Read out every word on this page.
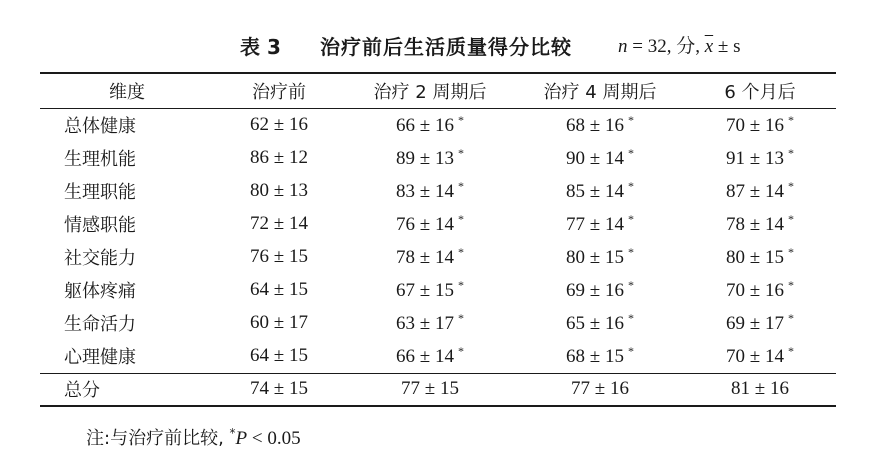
表 3 治疗前后生活质量得分比较 n = 32, 分, $\overline{x} \pm s$
维度	治疗前	治疗 2 周期后	治疗 4 周期后	6 个月后
总体健康	62 ± 16	66 ± 16 *	68 ± 16 *	70 ± 16 *
生理机能	86 ± 12	89 ± 13 *	90 ± 14 *	91 ± 13 *
生理职能	80 ± 13	83 ± 14 *	85 ± 14 *	87 ± 14 *
情感职能	72 ± 14	76 ± 14 *	77 ± 14 *	78 ± 14 *
社交能力	76 ± 15	78 ± 14 *	80 ± 15 *	80 ± 15 *
躯体疼痛	64 ± 15	67 ± 15 *	69 ± 16 *	70 ± 16 *
生命活力	60 ± 17	63 ± 17 *	65 ± 16 *	69 ± 17 *
心理健康	64 ± 15	66 ± 14 *	68 ± 15 *	70 ± 14 *
总分	74 ± 15	77 ± 15	77 ± 16	81 ± 16
注:与治疗前比较, *P < 0.05
